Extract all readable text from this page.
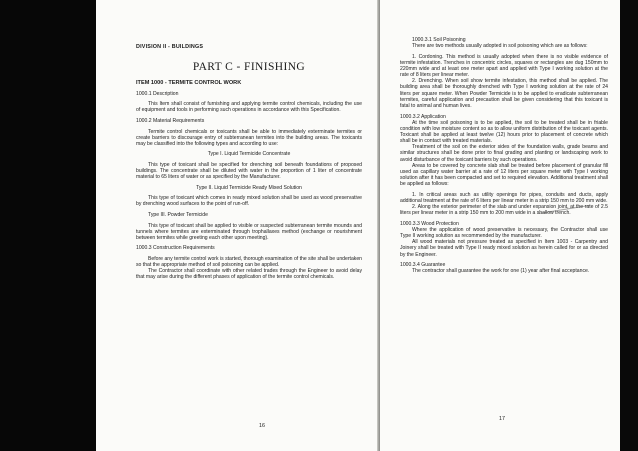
DIVISION II - BUILDINGS

PART C - FINISHING

ITEM 1000 - TERMITE CONTROL WORK

1000.1 Description

This Item shall consist of furnishing and applying termite control chemicals, including the use of equipment and tools in performing such operations in accordance with this Specification.

1000.2 Material Requirements

Termite control chemicals or toxicants shall be able to immediately exterminate termites or create barriers to discourage entry of subterranean termites into the building areas. The toxicants may be classified into the following types and according to use:

Type I. Liquid Termicide Concentrate

This type of toxicant shall be specified for drenching soil beneath foundations of proposed buildings. The concentrate shall be diluted with water in the proportion of 1 liter of concentrate material to 65 liters of water or as specified by the Manufacturer.

Type II. Liquid Termicide Ready Mixed Solution

This type of toxicant which comes in ready mixed solution shall be used as wood preservative by drenching wood surfaces to the point of run-off.

Type III. Powder Termicide

This type of toxicant shall be applied to visible or suspected subterranean termite mounds and tunnels where termites are exterminated through trophallaxes method (exchange or nourishment between termites while greeting each other upon meeting).

1000.3 Construction Requirements

Before any termite control work is started, thorough examination of the site shall be undertaken so that the appropriate method of soil poisoning can be applied.

The Contractor shall coordinate with other related trades through the Engineer to avoid delay that may arise during the different phases of application of the termite control chemicals.

16

1000.3.1 Soil Poisoning

There are two methods usually adopted in soil poisoning which are as follows:

1. Cordoning. This method is usually adopted when there is no visible evidence of termite infestation. Trenches in concentric circles, squares or rectangles are dug 150mm to 220mm wide and at least one meter apart and applied with Type I working solution at the rate of 8 liters per linear meter.

2. Drenching. When soil show termite infestation, this method shall be applied. The building area shall be thoroughly drenched with Type I working solution at the rate of 24 liters per square meter. When Powder Termicide is to be applied to eradicate subterranean termites, careful application and precaution shall be given considering that this toxicant is fatal to animal and human lives.

1000.3.2 Application

At the time soil poisoning is to be applied, the soil to be treated shall be in friable condition with low moisture content so as to allow uniform distribution of the toxicant agents. Toxicant shall be applied at least twelve (12) hours prior to placement of concrete which shall be in contact with treated materials.

Treatment of the soil on the exterior sides of the foundation walls, grade beams and similar structures shall be done prior to final grading and planting or landscaping work to avoid disturbance of the toxicant barriers by such operations.

Areas to be covered by concrete slab shall be treated before placement of granular fill used as capillary water barrier at a rate of 12 liters per square meter with Type I working solution after it has been compacted and set to required elevation. Additional treatment shall be applied as follows:

1. In critical areas such as utility openings for pipes, conduits and ducts, apply additional treatment at the rate of 6 liters per linear meter in a strip 150 mm to 200 mm wide.

2. Along the exterior perimeter of the slab and under expansion joint, at the rate of 2.5 liters per linear meter in a strip 150 mm to 200 mm wide in a shallow trench.

1000.3.3 Wood Protection

Where the application of wood preservative is necessary, the Contractor shall use Type II working solution as recommended by the manufacturer.

All wood materials not pressure treated as specified in Item 1003 - Carpentry and Joinery shall be treated with Type II ready mixed solution as herein called for or as directed by the Engineer.

1000.3.4 Guarantee

The contractor shall guarantee the work for one (1) year after final acceptance.

17
